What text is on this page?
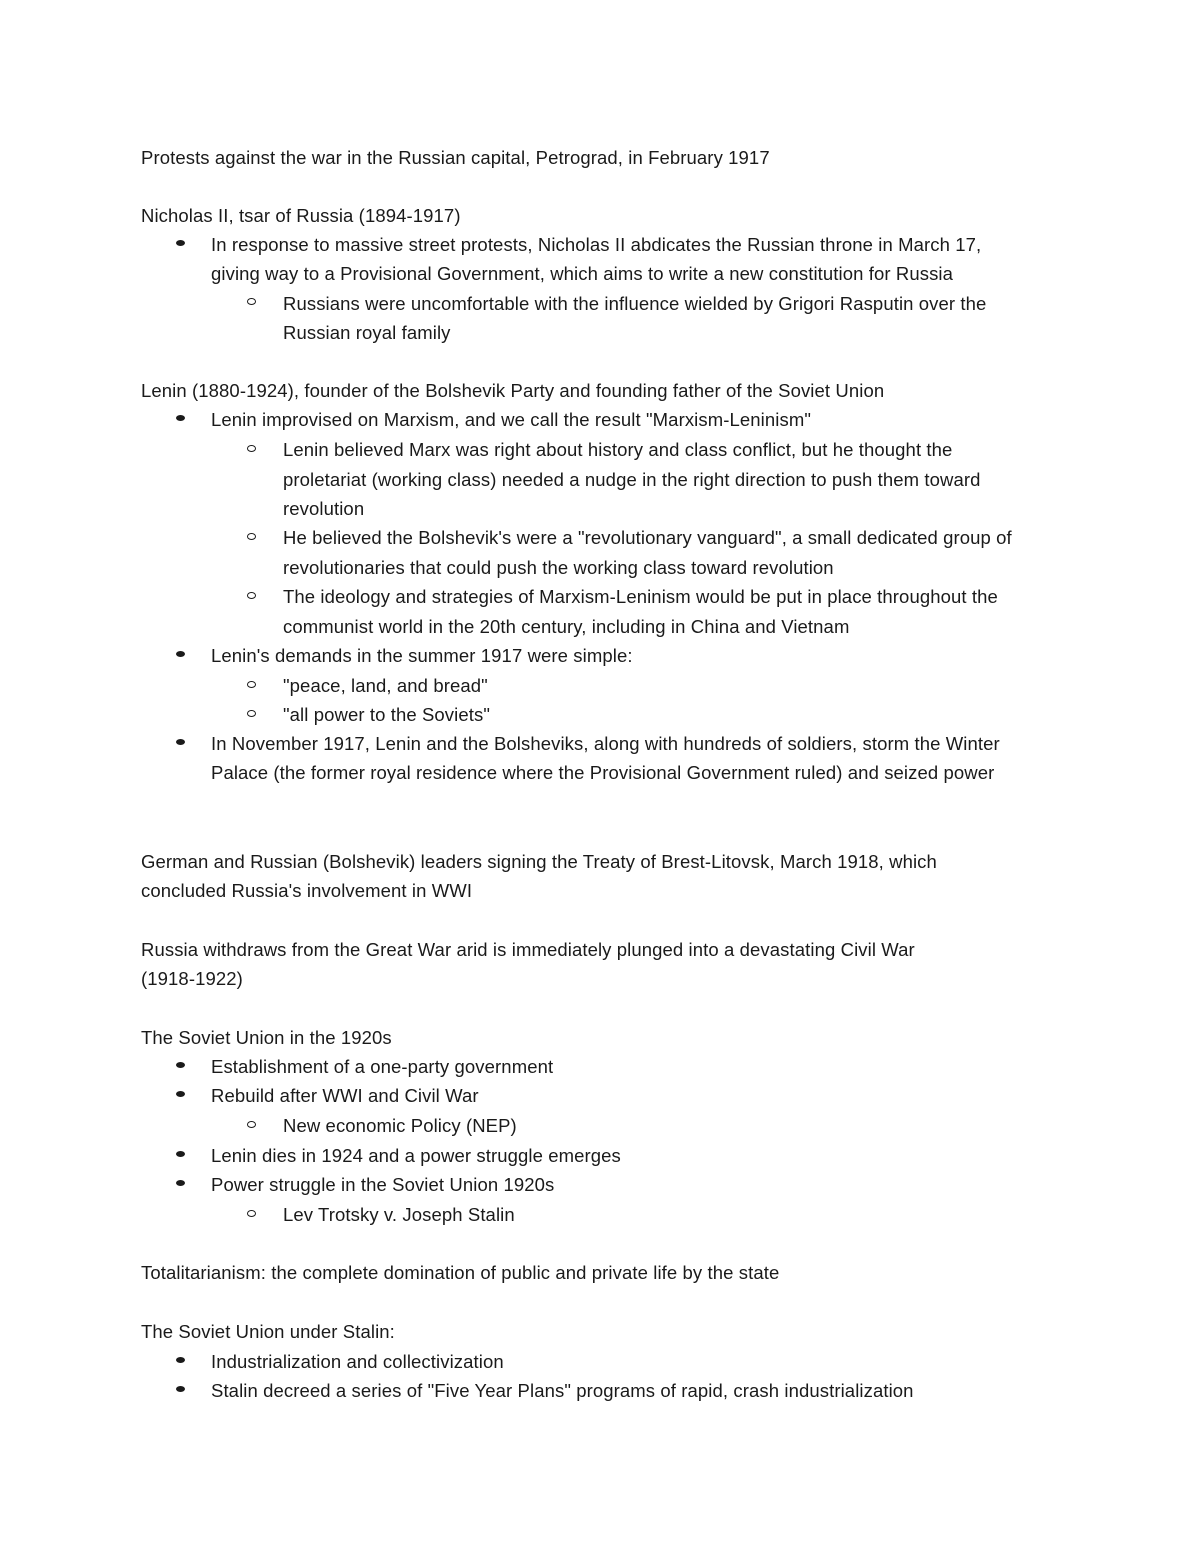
Protests against the war in the Russian capital, Petrograd, in February 1917
Nicholas II, tsar of Russia (1894-1917)
In response to massive street protests, Nicholas II abdicates the Russian throne in March 17,
giving way to a Provisional Government, which aims to write a new constitution for Russia
Russians were uncomfortable with the influence wielded by Grigori Rasputin over the
Russian royal family
Lenin (1880-1924), founder of the Bolshevik Party and founding father of the Soviet Union
Lenin improvised on Marxism, and we call the result "Marxism-Leninism"
Lenin believed Marx was right about history and class conflict, but he thought the
proletariat (working class) needed a nudge in the right direction to push them toward
revolution
He believed the Bolshevik's were a "revolutionary vanguard", a small dedicated group of
revolutionaries that could push the working class toward revolution
The ideology and strategies of Marxism-Leninism would be put in place throughout the
communist world in the 20th century, including in China and Vietnam
Lenin's demands in the summer 1917 were simple:
"peace, land, and bread"
"all power to the Soviets"
In November 1917, Lenin and the Bolsheviks, along with hundreds of soldiers, storm the Winter
Palace (the former royal residence where the Provisional Government ruled) and seized power
German and Russian (Bolshevik) leaders signing the Treaty of Brest-Litovsk, March 1918, which
concluded Russia's involvement in WWI
Russia withdraws from the Great War arid is immediately plunged into a devastating Civil War
(1918-1922)
The Soviet Union in the 1920s
Establishment of a one-party government
Rebuild after WWI and Civil War
New economic Policy (NEP)
Lenin dies in 1924 and a power struggle emerges
Power struggle in the Soviet Union 1920s
Lev Trotsky v. Joseph Stalin
Totalitarianism: the complete domination of public and private life by the state
The Soviet Union under Stalin:
Industrialization and collectivization
Stalin decreed a series of "Five Year Plans" programs of rapid, crash industrialization
